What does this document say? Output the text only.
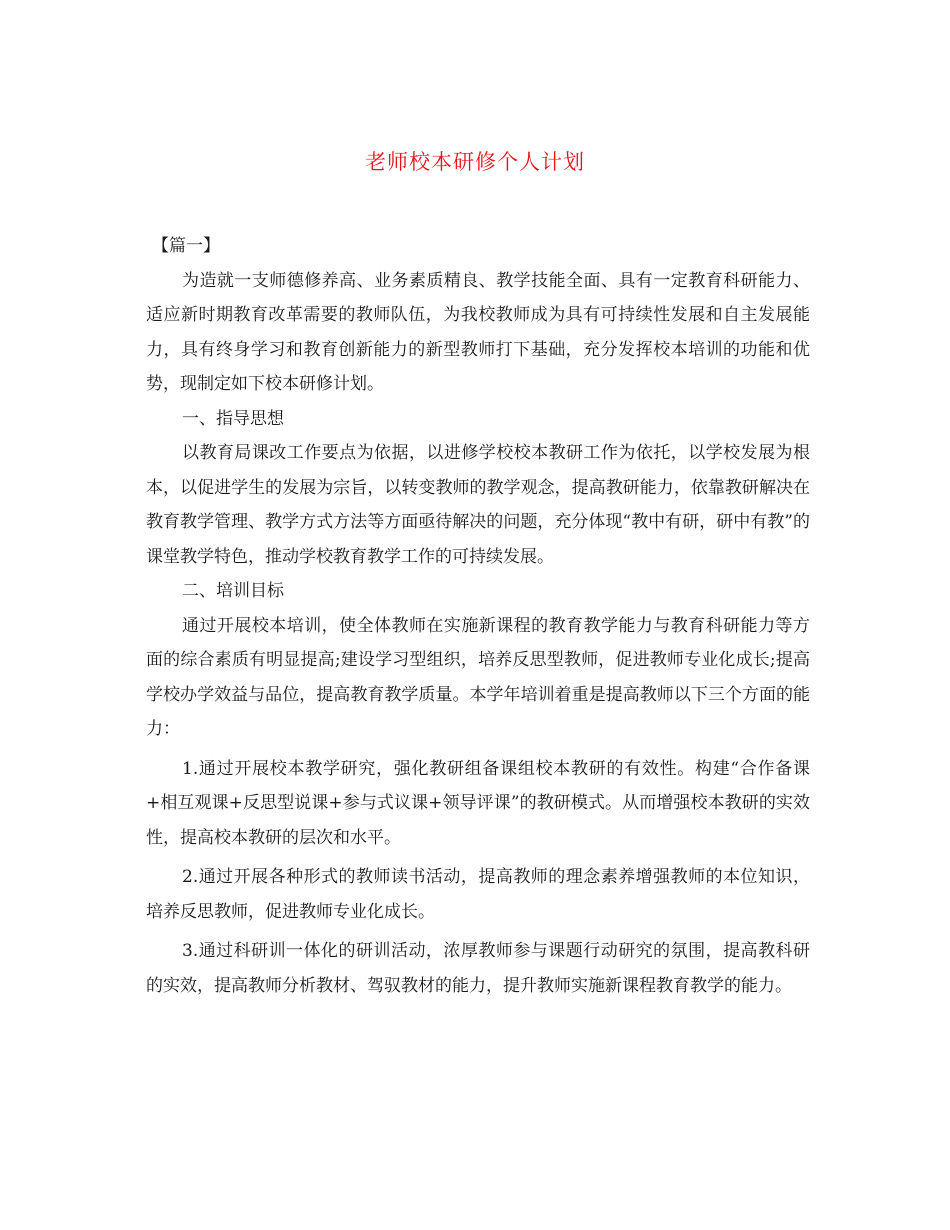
老师校本研修个人计划

【篇一】

为造就一支师德修养高、业务素质精良、教学技能全面、具有一定教育科研能力、适应新时期教育改革需要的教师队伍，为我校教师成为具有可持续性发展和自主发展能力，具有终身学习和教育创新能力的新型教师打下基础，充分发挥校本培训的功能和优势，现制定如下校本研修计划。

一、指导思想

以教育局课改工作要点为依据，以进修学校校本教研工作为依托，以学校发展为根本，以促进学生的发展为宗旨，以转变教师的教学观念，提高教研能力，依靠教研解决在教育教学管理、教学方式方法等方面亟待解决的问题，充分体现“教中有研，研中有教”的课堂教学特色，推动学校教育教学工作的可持续发展。

二、培训目标

通过开展校本培训，使全体教师在实施新课程的教育教学能力与教育科研能力等方面的综合素质有明显提高;建设学习型组织，培养反思型教师，促进教师专业化成长;提高学校办学效益与品位，提高教育教学质量。本学年培训着重是提高教师以下三个方面的能力：

1.通过开展校本教学研究，强化教研组备课组校本教研的有效性。构建“合作备课+相互观课+反思型说课+参与式议课+领导评课”的教研模式。从而增强校本教研的实效性，提高校本教研的层次和水平。

2.通过开展各种形式的教师读书活动，提高教师的理念素养增强教师的本位知识，培养反思教师，促进教师专业化成长。

3.通过科研训一体化的研训活动，浓厚教师参与课题行动研究的氛围，提高教科研的实效，提高教师分析教材、驾驭教材的能力，提升教师实施新课程教育教学的能力。
